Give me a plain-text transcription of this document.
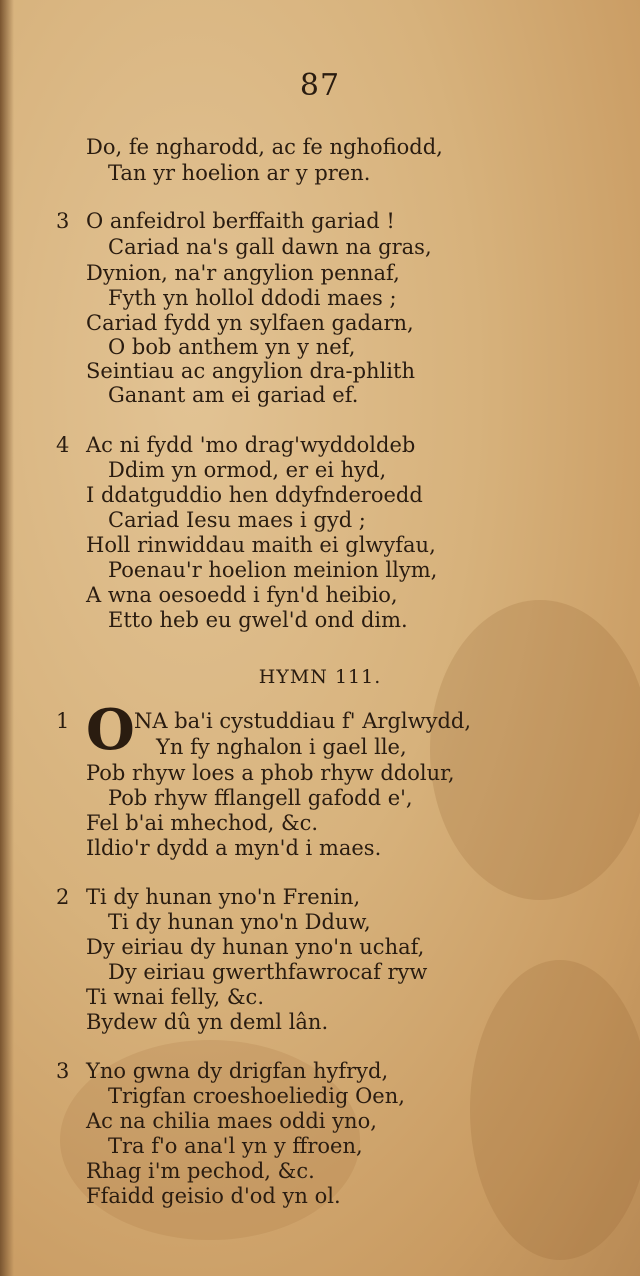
87
Do, fe ngharodd, ac fe nghofiodd,
Tan yr hoelion ar y pren.
3 O anfeidrol berffaith gariad !
Cariad na's gall dawn na gras,
Dynion, na'r angylion pennaf,
Fyth yn hollol ddodi maes ;
Cariad fydd yn sylfaen gadarn,
O bob anthem yn y nef,
Seintiau ac angylion dra-phlith
Ganant am ei gariad ef.
4 Ac ni fydd 'mo drag'wyddoldeb
Ddim yn ormod, er ei hyd,
I ddatguddio hen ddyfnderoedd
Cariad Iesu maes i gyd ;
Holl rinwiddau maith ei glwyfau,
Poenau'r hoelion meinion llym,
A wna oesoedd i fyn'd heibio,
Etto heb eu gwel'd ond dim.
HYMN 111.
1 O NA ba'i cystuddiau f' Arglwydd,
Yn fy nghalon i gael lle,
Pob rhyw loes a phob rhyw ddolur,
Pob rhyw fflangell gafodd e',
Fel b'ai mhechod, &c.
Ildio'r dydd a myn'd i maes.
2 Ti dy hunan yno'n Frenin,
Ti dy hunan yno'n Dduw,
Dy eiriau dy hunan yno'n uchaf,
Dy eiriau gwerthfawrocaf ryw
Ti wnai felly, &c.
Bydew dû yn deml lân.
3 Yno gwna dy drigfan hyfryd,
Trigfan croeshoeliedig Oen,
Ac na chilia maes oddi yno,
Tra f'o ana'l yn y ffroen,
Rhag i'm pechod, &c.
Ffaidd geisio d'od yn ol.
